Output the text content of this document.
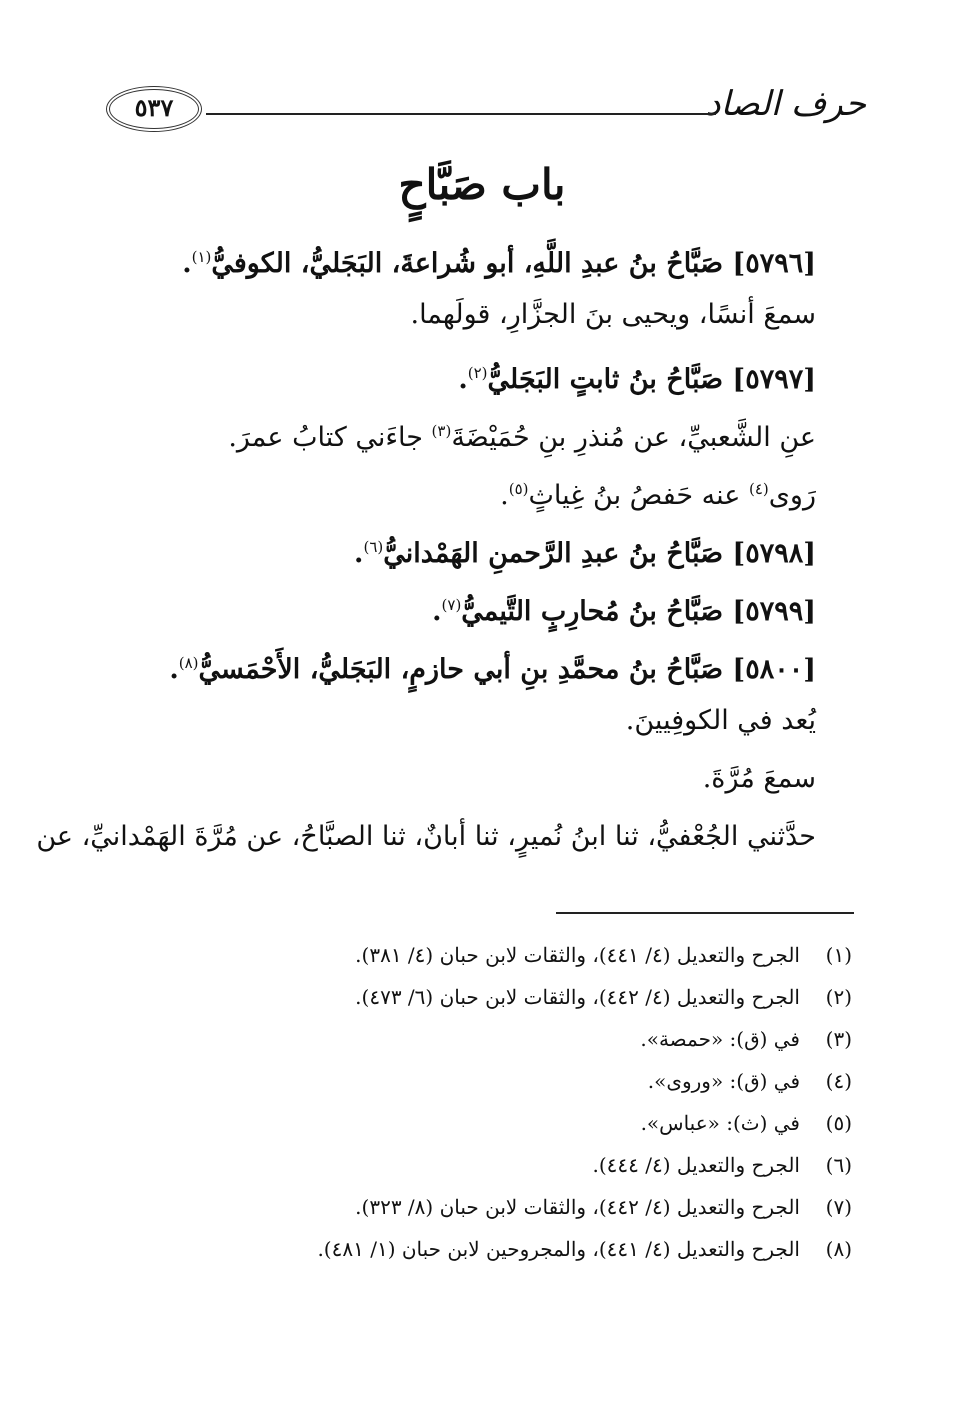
حرف الصاد
٥٣٧
باب صَبَّاحٍ
[٥٧٩٦] صَبَّاحُ بنُ عبدِ اللَّهِ، أبو شُراعةَ، البَجَليُّ، الكوفيُّ$^{(١)}$.
سمعَ أنسًا، ويحيى بنَ الجزَّارِ، قولَهما.
[٥٧٩٧] صَبَّاحُ بنُ ثابتٍ البَجَليُّ$^{(٢)}$.
عنِ الشَّعبيِّ، عن مُنذرِ بنِ حُمَيْضَةَ$^{(٣)}$ جاءَني كتابُ عمرَ.
رَوى$^{(٤)}$ عنه حَفصُ بنُ غِياثٍ$^{(٥)}$.
[٥٧٩٨] صَبَّاحُ بنُ عبدِ الرَّحمنِ الهَمْدانيُّ$^{(٦)}$.
[٥٧٩٩] صَبَّاحُ بنُ مُحارِبٍ التَّيميُّ$^{(٧)}$.
[٥٨٠٠] صَبَّاحُ بنُ محمَّدِ بنِ أبي حازمٍ، البَجَليُّ، الأَحْمَسيُّ$^{(٨)}$.
يُعد في الكوفِيينَ.
سمعَ مُرَّةَ.
حدَّثني الجُعْفيُّ، ثنا ابنُ نُميرٍ، ثنا أبانٌ، ثنا الصبَّاحُ، عن مُرَّةَ الهَمْدانيِّ، عن
(١)الجرح والتعديل (٤/ ٤٤١)، والثقات لابن حبان (٤/ ٣٨١).
(٢)الجرح والتعديل (٤/ ٤٤٢)، والثقات لابن حبان (٦/ ٤٧٣).
(٣)في (ق): «حمصة».
(٤)في (ق): «وروى».
(٥)في (ث): «عباس».
(٦)الجرح والتعديل (٤/ ٤٤٤).
(٧)الجرح والتعديل (٤/ ٤٤٢)، والثقات لابن حبان (٨/ ٣٢٣).
(٨)الجرح والتعديل (٤/ ٤٤١)، والمجروحين لابن حبان (١/ ٤٨١).
